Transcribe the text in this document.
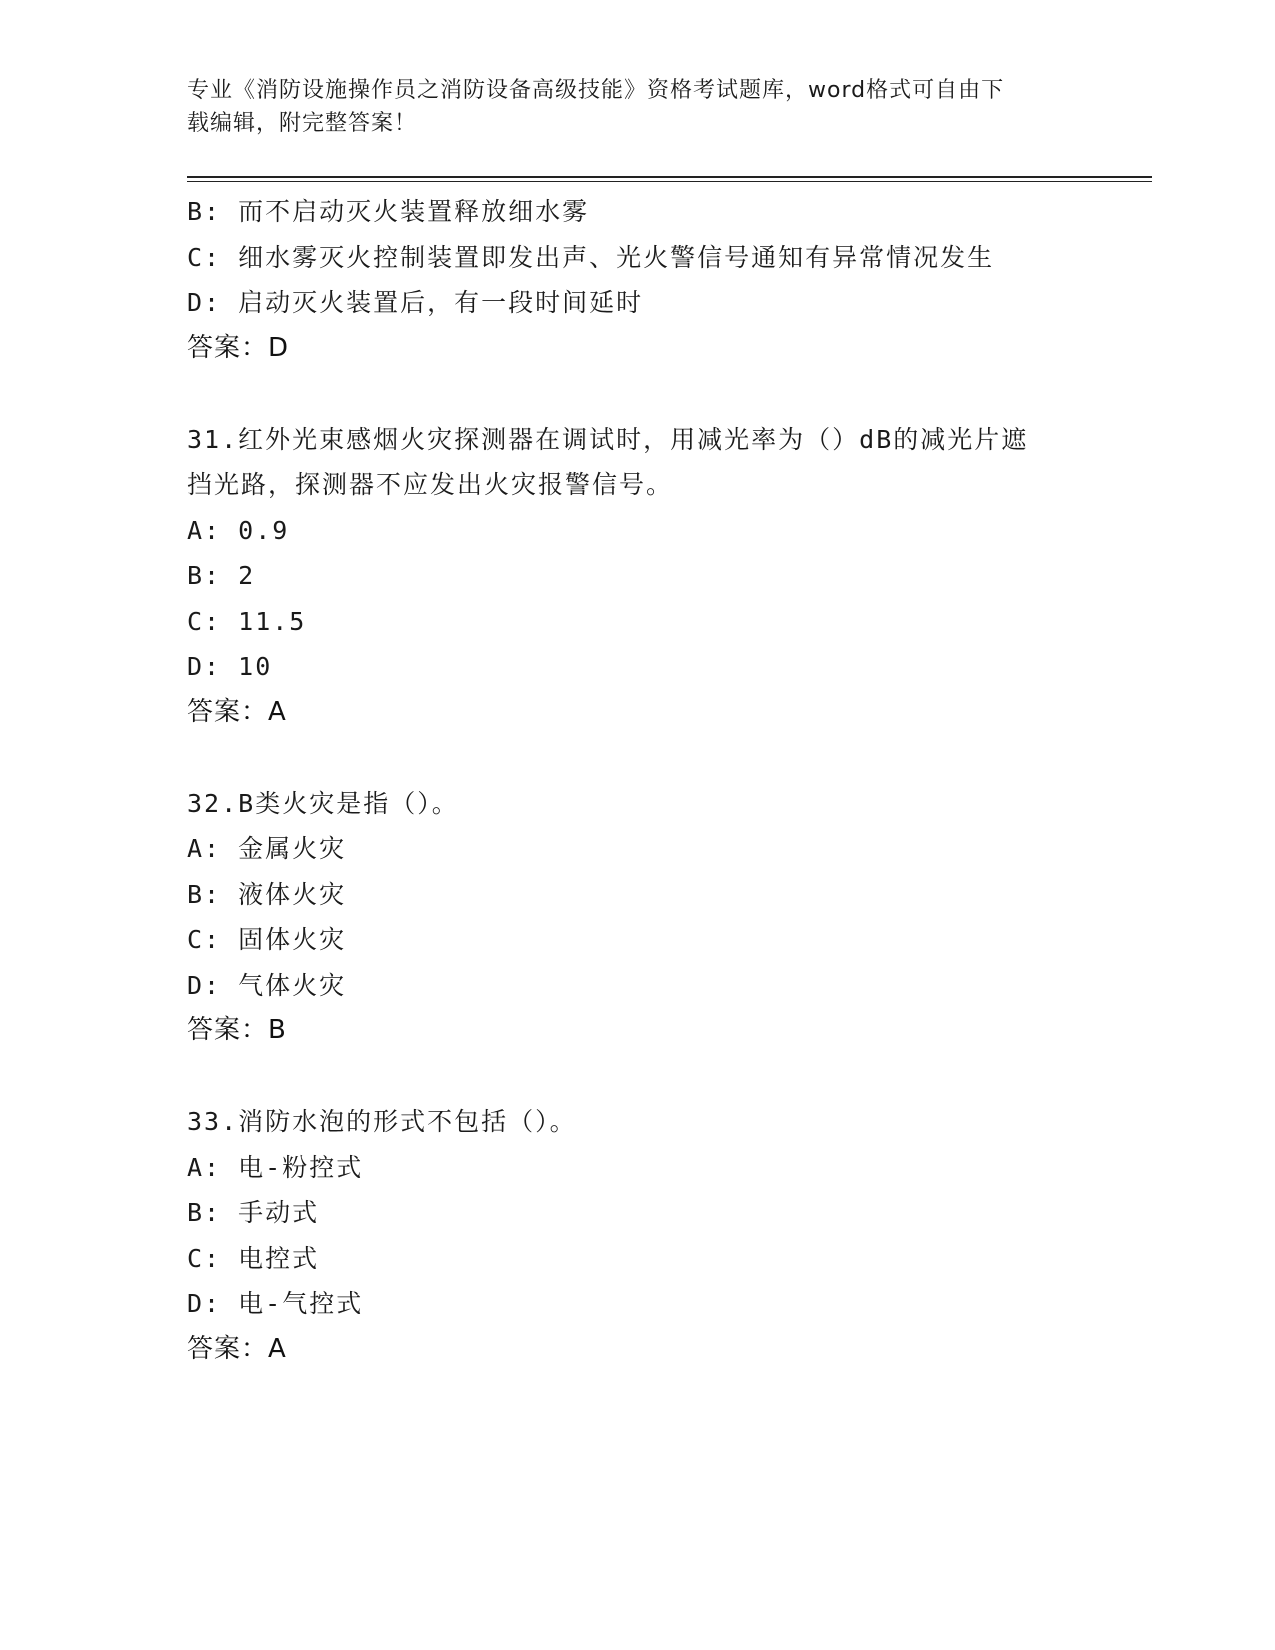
专业《消防设施操作员之消防设备高级技能》资格考试题库，word格式可自由下
载编辑，附完整答案！
B: 而不启动灭火装置释放细水雾
C: 细水雾灭火控制装置即发出声、光火警信号通知有异常情况发生
D: 启动灭火装置后，有一段时间延时
答案：D
31.红外光束感烟火灾探测器在调试时，用减光率为（）dB的减光片遮
挡光路，探测器不应发出火灾报警信号。
A: 0.9
B: 2
C: 11.5
D: 10
答案：A
32.B类火灾是指（）。
A: 金属火灾
B: 液体火灾
C: 固体火灾
D: 气体火灾
答案：B
33.消防水泡的形式不包括（）。
A: 电-粉控式
B: 手动式
C: 电控式
D: 电-气控式
答案：A
